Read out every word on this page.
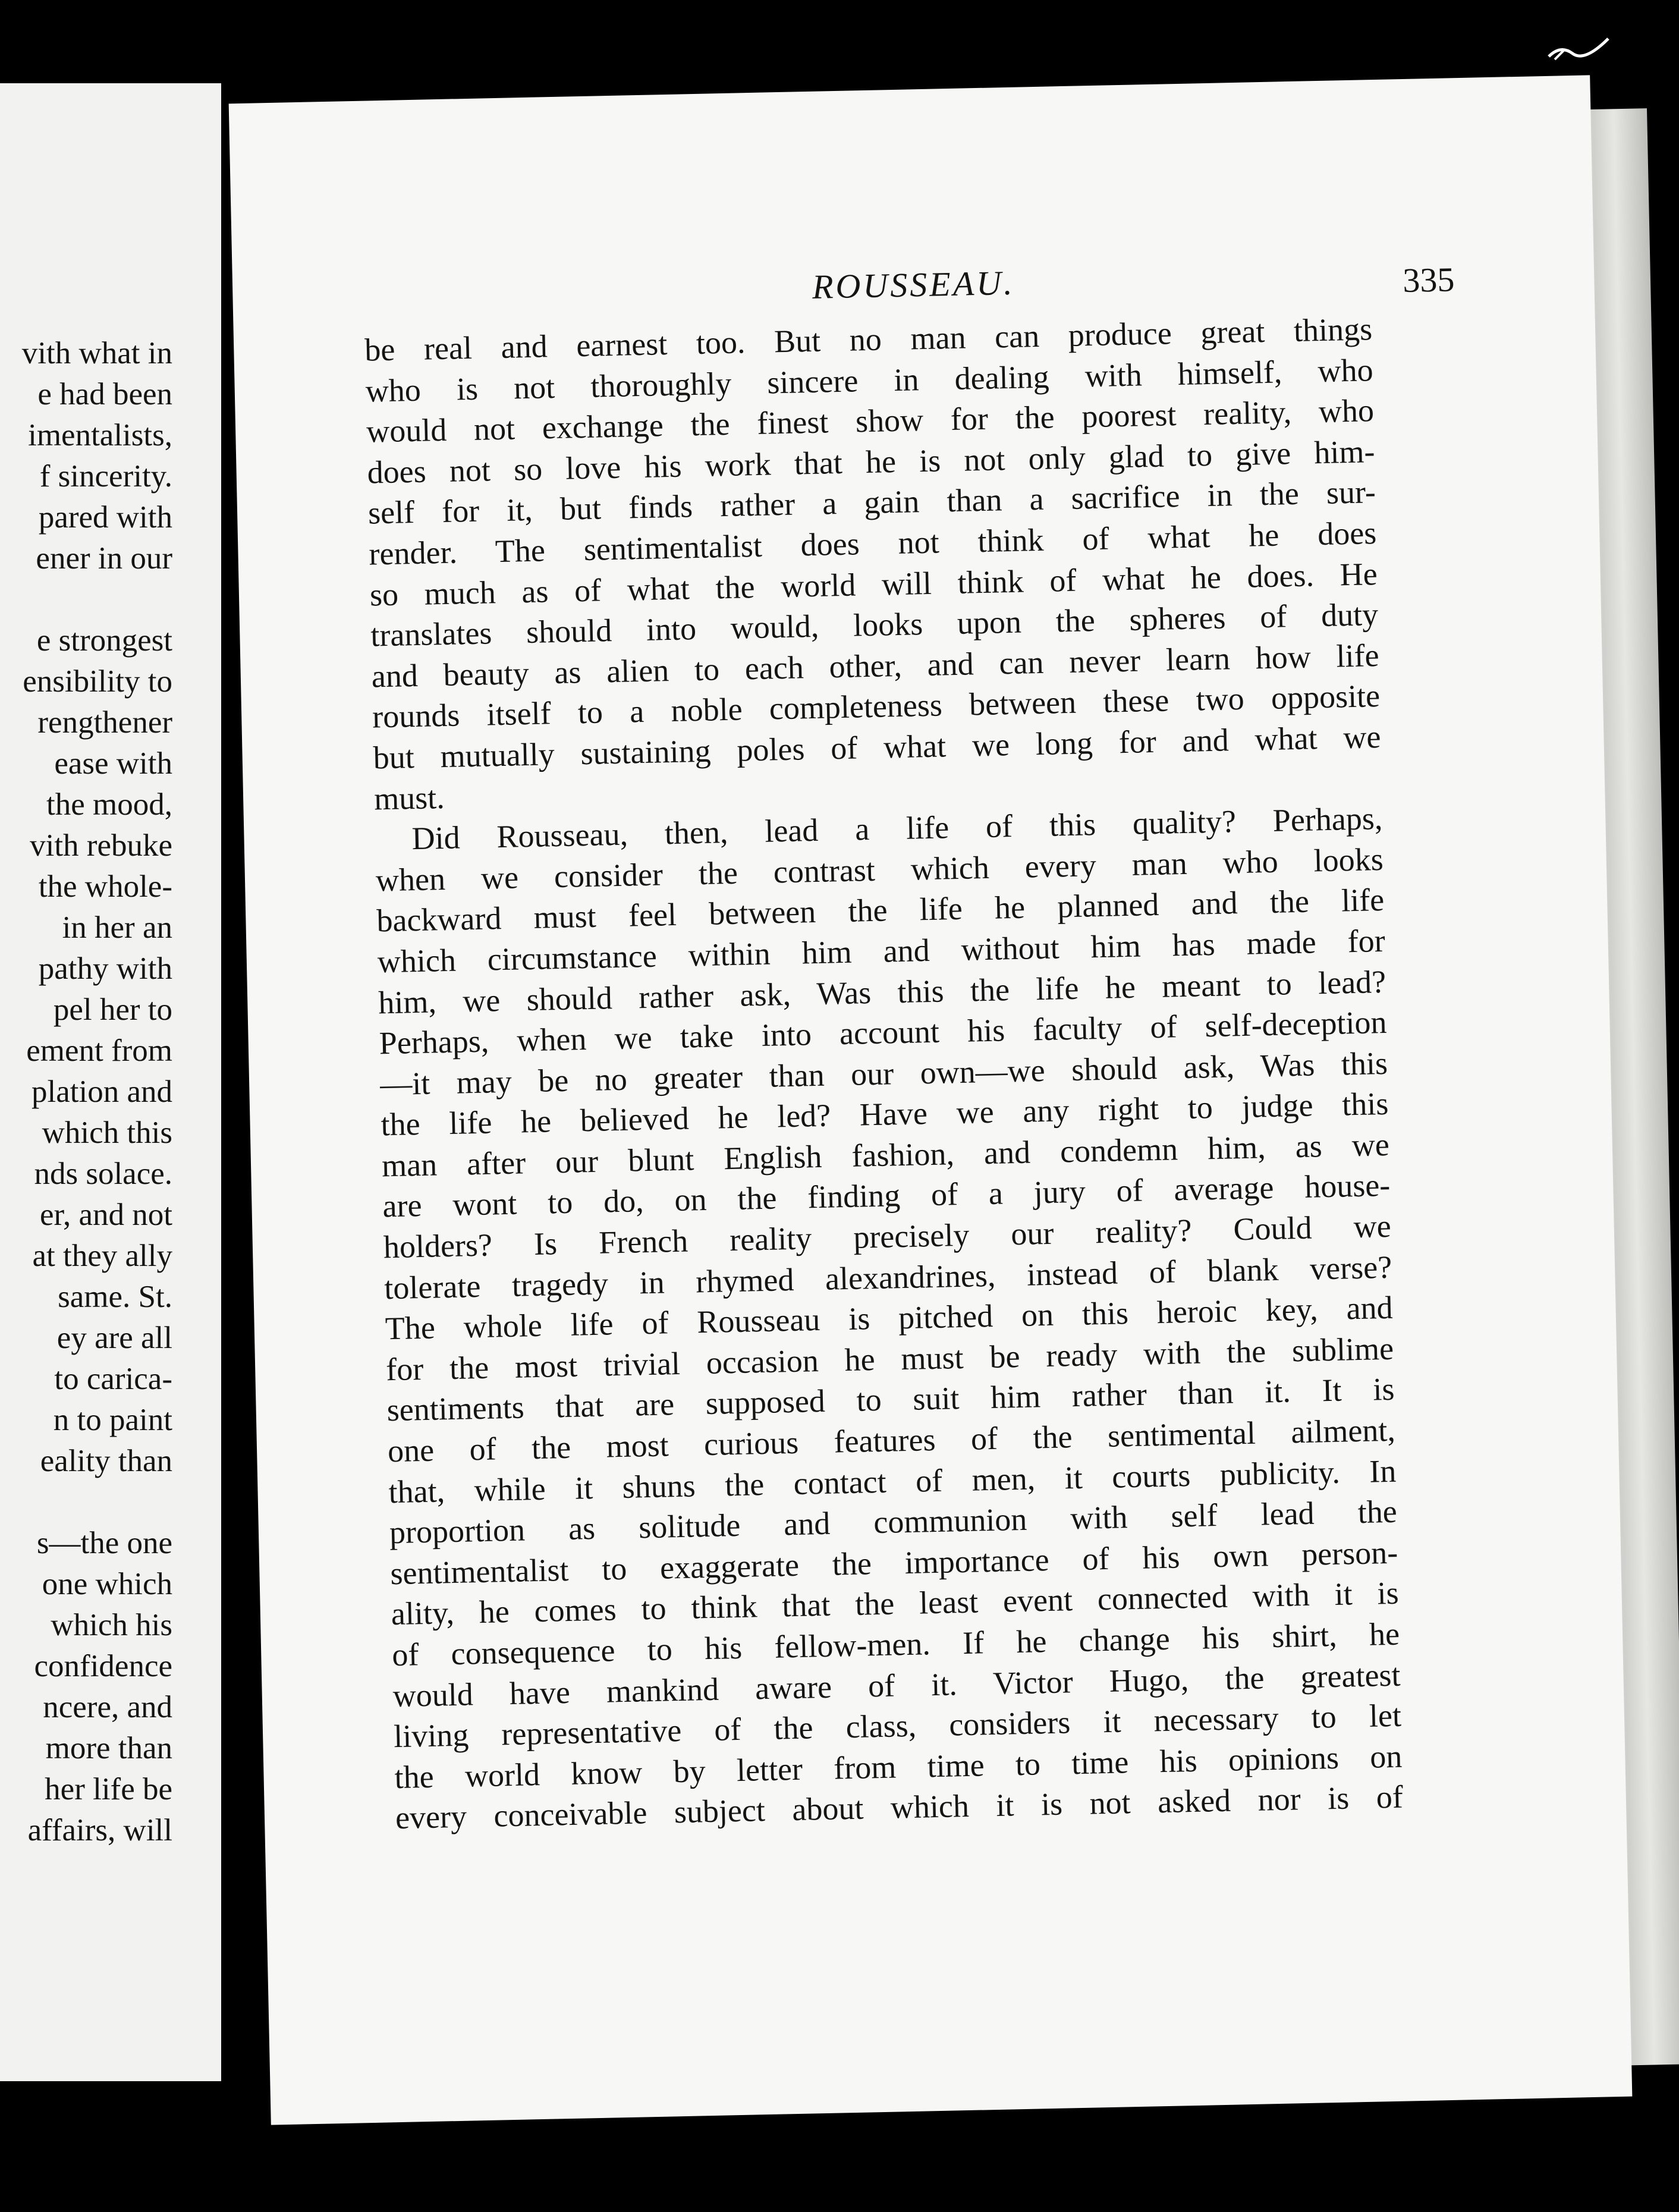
vith what in
e had been
imentalists,
f sincerity.
pared with
ener in our
e strongest
ensibility to
rengthener
ease with
the mood,
vith rebuke
the whole-
in her an
pathy with
pel her to
ement from
plation and
which this
nds solace.
er, and not
at they ally
same. St.
ey are all
to carica-
n to paint
eality than
s—the one
one which
which his
confidence
ncere, and
more than
her life be
affairs, will
ROUSSEAU.	335
be real and earnest too. But no man can produce great things
who is not thoroughly sincere in dealing with himself, who
would not exchange the finest show for the poorest reality, who
does not so love his work that he is not only glad to give him-
self for it, but finds rather a gain than a sacrifice in the sur-
render. The sentimentalist does not think of what he does
so much as of what the world will think of what he does. He
translates should into would, looks upon the spheres of duty
and beauty as alien to each other, and can never learn how life
rounds itself to a noble completeness between these two opposite
but mutually sustaining poles of what we long for and what we
must.
Did Rousseau, then, lead a life of this quality? Perhaps,
when we consider the contrast which every man who looks
backward must feel between the life he planned and the life
which circumstance within him and without him has made for
him, we should rather ask, Was this the life he meant to lead?
Perhaps, when we take into account his faculty of self-deception
—it may be no greater than our own—we should ask, Was this
the life he believed he led? Have we any right to judge this
man after our blunt English fashion, and condemn him, as we
are wont to do, on the finding of a jury of average house-
holders? Is French reality precisely our reality? Could we
tolerate tragedy in rhymed alexandrines, instead of blank verse?
The whole life of Rousseau is pitched on this heroic key, and
for the most trivial occasion he must be ready with the sublime
sentiments that are supposed to suit him rather than it. It is
one of the most curious features of the sentimental ailment,
that, while it shuns the contact of men, it courts publicity. In
proportion as solitude and communion with self lead the
sentimentalist to exaggerate the importance of his own person-
ality, he comes to think that the least event connected with it is
of consequence to his fellow-men. If he change his shirt, he
would have mankind aware of it. Victor Hugo, the greatest
living representative of the class, considers it necessary to let
the world know by letter from time to time his opinions on
every conceivable subject about which it is not asked nor is of
